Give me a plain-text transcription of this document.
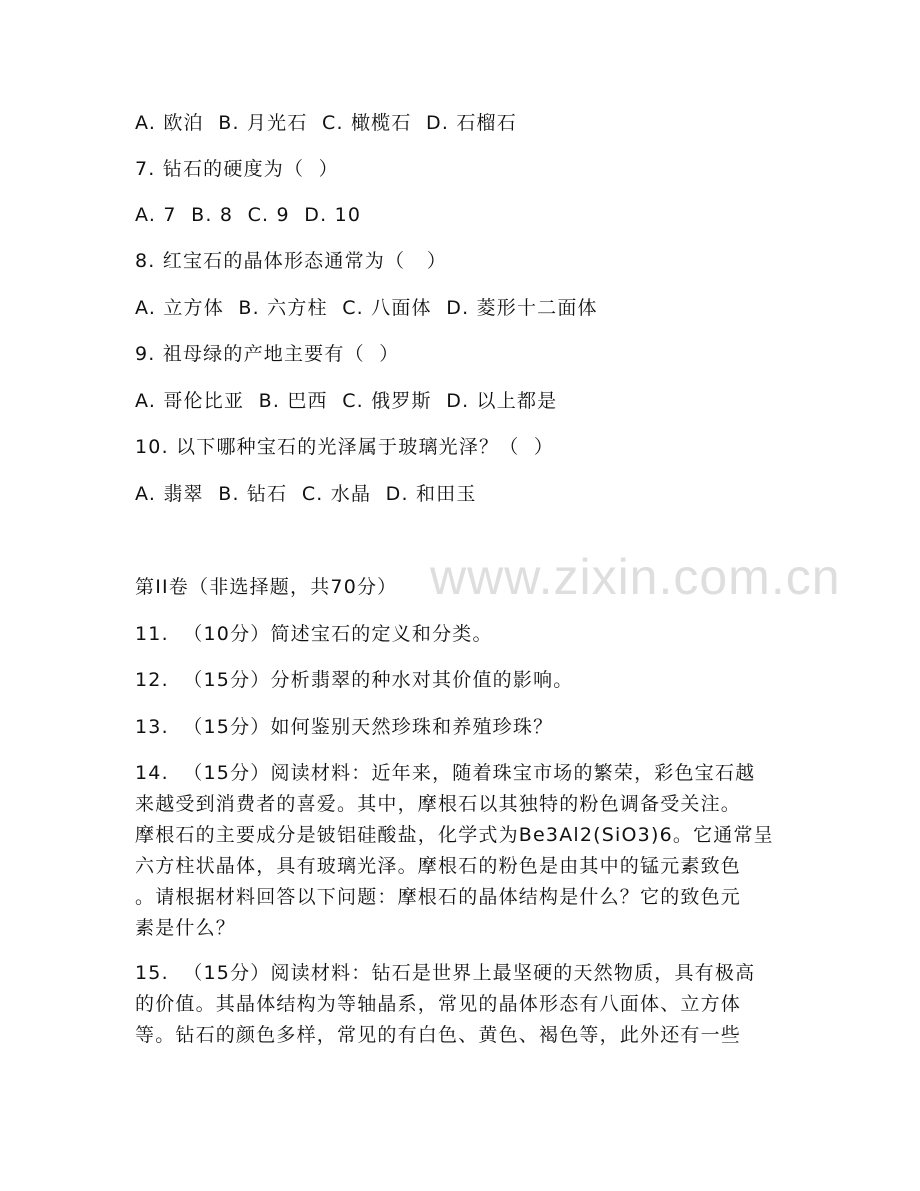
www.zixin.com.cn
A. 欧泊  B. 月光石  C. 橄榄石  D. 石榴石
7. 钻石的硬度为（  ）
A. 7  B. 8  C. 9  D. 10
8. 红宝石的晶体形态通常为（   ）
A. 立方体  B. 六方柱  C. 八面体  D. 菱形十二面体
9. 祖母绿的产地主要有（  ）
A. 哥伦比亚  B. 巴西  C. 俄罗斯  D. 以上都是
10. 以下哪种宝石的光泽属于玻璃光泽？（  ）
A. 翡翠  B. 钻石  C. 水晶  D. 和田玉
第II卷（非选择题，共70分）
11.  （10分）简述宝石的定义和分类。
12.  （15分）分析翡翠的种水对其价值的影响。
13.  （15分）如何鉴别天然珍珠和养殖珍珠？
14.  （15分）阅读材料：近年来，随着珠宝市场的繁荣，彩色宝石越
来越受到消费者的喜爱。其中，摩根石以其独特的粉色调备受关注。
摩根石的主要成分是铍铝硅酸盐，化学式为Be3Al2(SiO3)6。它通常呈
六方柱状晶体，具有玻璃光泽。摩根石的粉色是由其中的锰元素致色
。请根据材料回答以下问题：摩根石的晶体结构是什么？它的致色元
素是什么？
15.  （15分）阅读材料：钻石是世界上最坚硬的天然物质，具有极高
的价值。其晶体结构为等轴晶系，常见的晶体形态有八面体、立方体
等。钻石的颜色多样，常见的有白色、黄色、褐色等，此外还有一些
